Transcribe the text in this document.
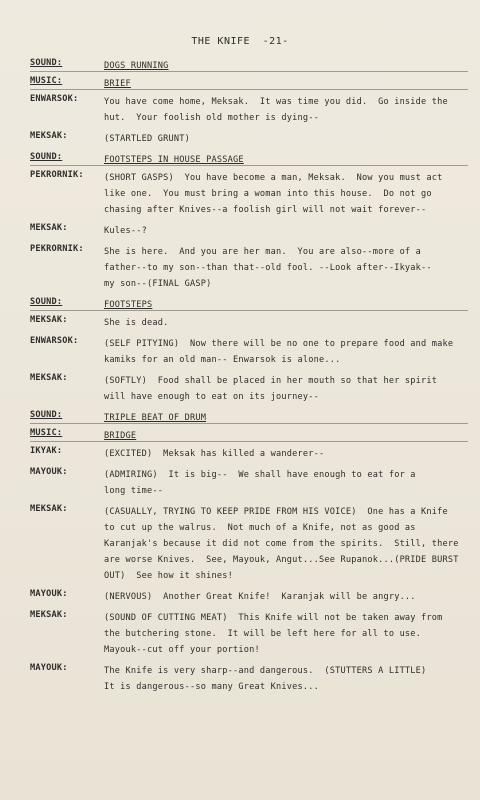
THE KNIFE -21-
SOUND:	DOGS RUNNING
MUSIC:	BRIEF
ENWARSOK:	You have come home, Meksak.  It was time you did.  Go inside the
hut.  Your foolish old mother is dying--
MEKSAK:	(STARTLED GRUNT)
SOUND:	FOOTSTEPS IN HOUSE PASSAGE
PEKRORNIK:	(SHORT GASPS)  You have become a man, Meksak.  Now you must act
like one.  You must bring a woman into this house.  Do not go
chasing after Knives--a foolish girl will not wait forever--
MEKSAK:	Kules--?
PEKRORNIK:	She is here.  And you are her man.  You are also--more of a
father--to my son--than that--old fool. --Look after--Ikyak--
my son--(FINAL GASP)
SOUND:	FOOTSTEPS
MEKSAK:	She is dead.
ENWARSOK:	(SELF PITYING)  Now there will be no one to prepare food and make
kamiks for an old man-- Enwarsok is alone...
MEKSAK:	(SOFTLY)  Food shall be placed in her mouth so that her spirit
will have enough to eat on its journey--
SOUND:	TRIPLE BEAT OF DRUM
MUSIC:	BRIDGE
IKYAK:	(EXCITED)  Meksak has killed a wanderer--
MAYOUK:	(ADMIRING)  It is big--  We shall have enough to eat for a
long time--
MEKSAK:	(CASUALLY, TRYING TO KEEP PRIDE FROM HIS VOICE)  One has a Knife
to cut up the walrus.  Not much of a Knife, not as good as
Karanjak's because it did not come from the spirits.  Still, there
are worse Knives.  See, Mayouk, Angut...See Rupanok...(PRIDE BURST
OUT)  See how it shines!
MAYOUK:	(NERVOUS)  Another Great Knife!  Karanjak will be angry...
MEKSAK:	(SOUND OF CUTTING MEAT)  This Knife will not be taken away from
the butchering stone.  It will be left here for all to use.
Mayouk--cut off your portion!
MAYOUK:	The Knife is very sharp--and dangerous.  (STUTTERS A LITTLE)
It is dangerous--so many Great Knives...
